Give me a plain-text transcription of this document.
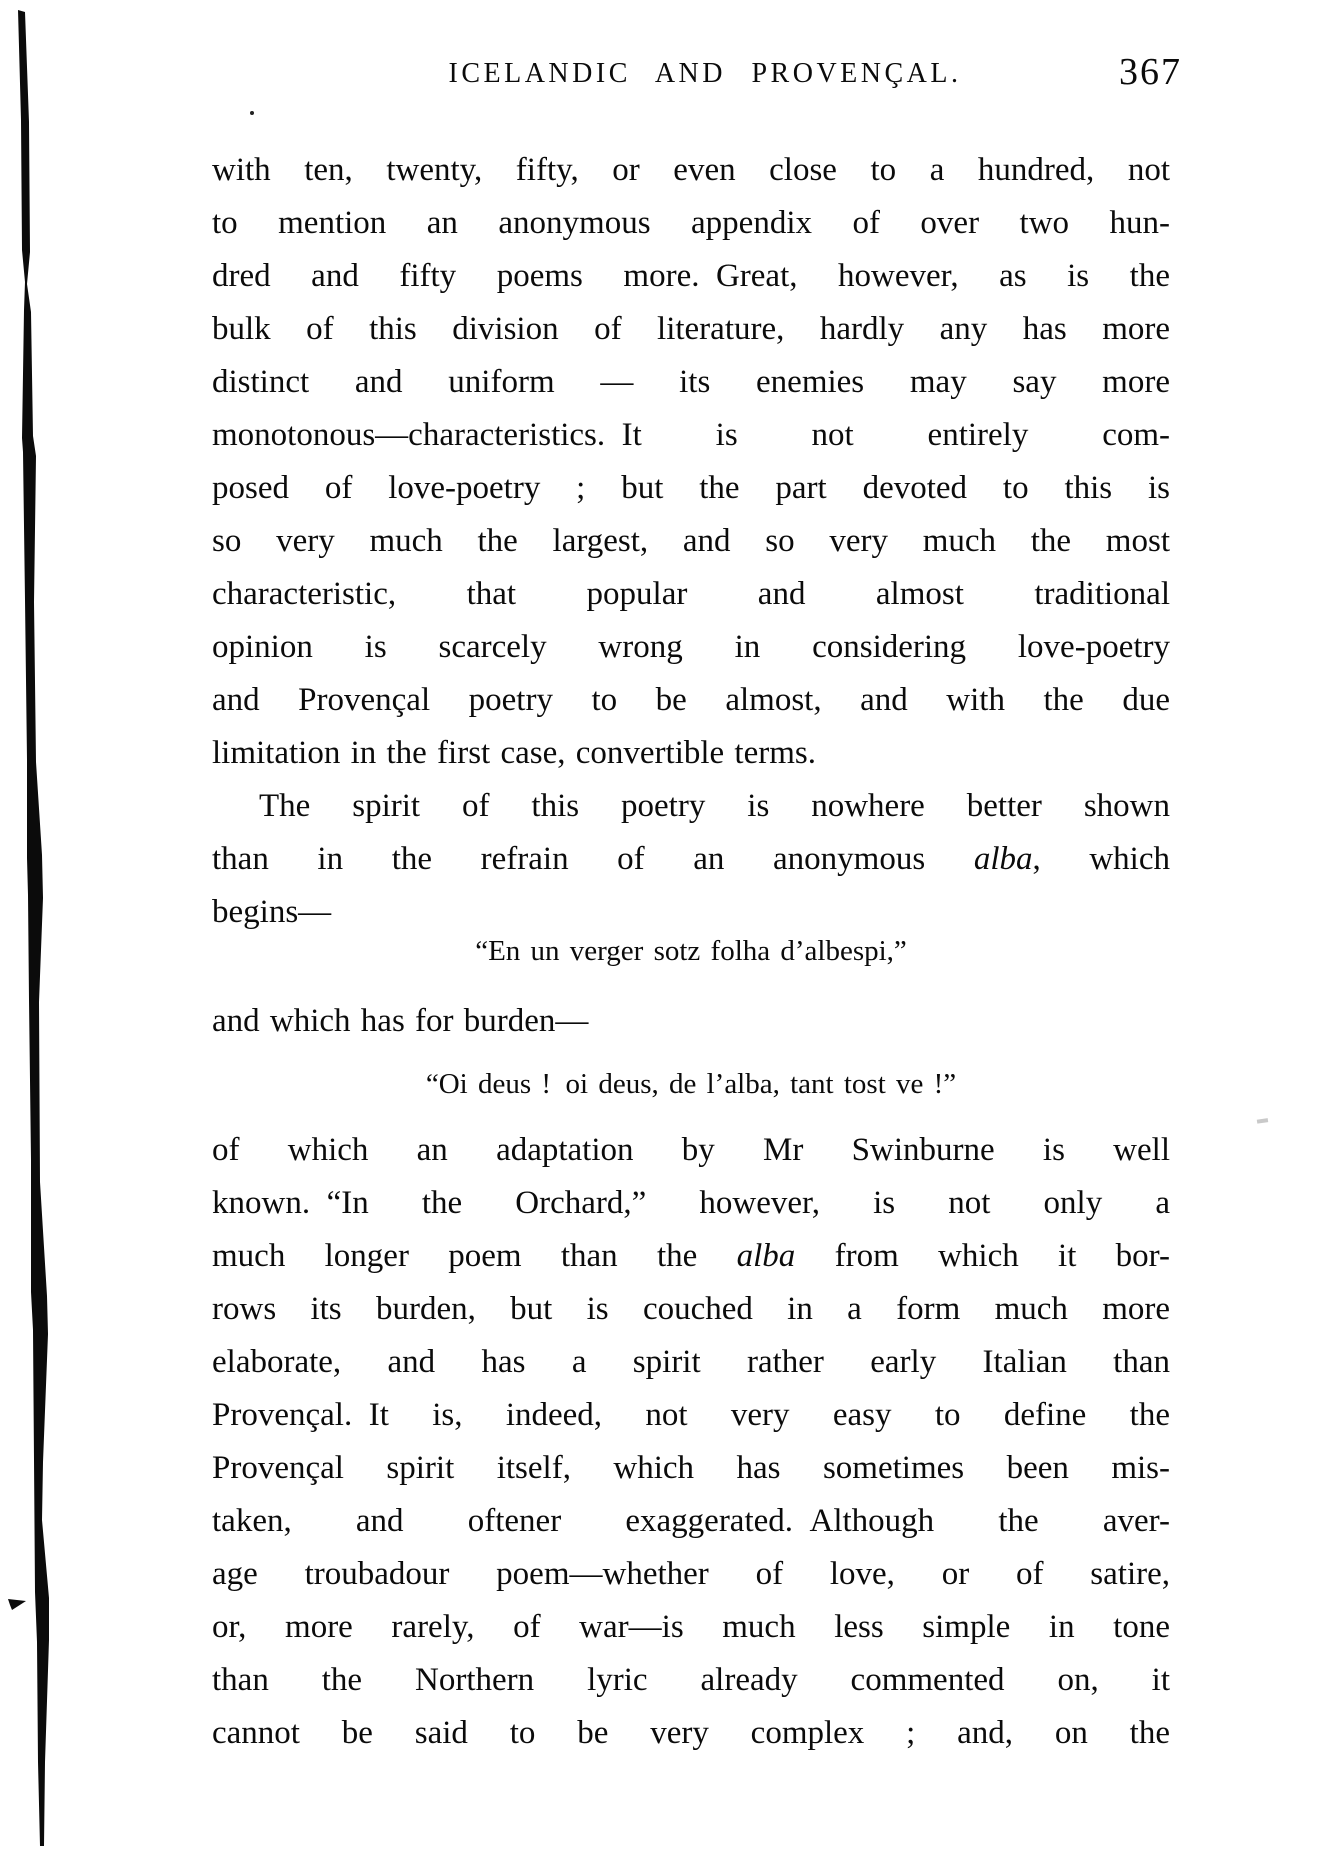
ICELANDIC AND PROVENÇAL.	367
with ten, twenty, fifty, or even close to a hundred, not
to mention an anonymous appendix of over two hun-
dred and fifty poems more. Great, however, as is the
bulk of this division of literature, hardly any has more
distinct and uniform — its enemies may say more
monotonous—characteristics. It is not entirely com-
posed of love-poetry ; but the part devoted to this is
so very much the largest, and so very much the most
characteristic, that popular and almost traditional
opinion is scarcely wrong in considering love-poetry
and Provençal poetry to be almost, and with the due
limitation in the first case, convertible terms.
The spirit of this poetry is nowhere better shown
than in the refrain of an anonymous alba, which
begins—
“En un verger sotz folha d’albespi,”
and which has for burden—
“Oi deus ! oi deus, de l’alba, tant tost ve !”
of which an adaptation by Mr Swinburne is well
known. “In the Orchard,” however, is not only a
much longer poem than the alba from which it bor-
rows its burden, but is couched in a form much more
elaborate, and has a spirit rather early Italian than
Provençal. It is, indeed, not very easy to define the
Provençal spirit itself, which has sometimes been mis-
taken, and oftener exaggerated. Although the aver-
age troubadour poem—whether of love, or of satire,
or, more rarely, of war—is much less simple in tone
than the Northern lyric already commented on, it
cannot be said to be very complex ; and, on the
